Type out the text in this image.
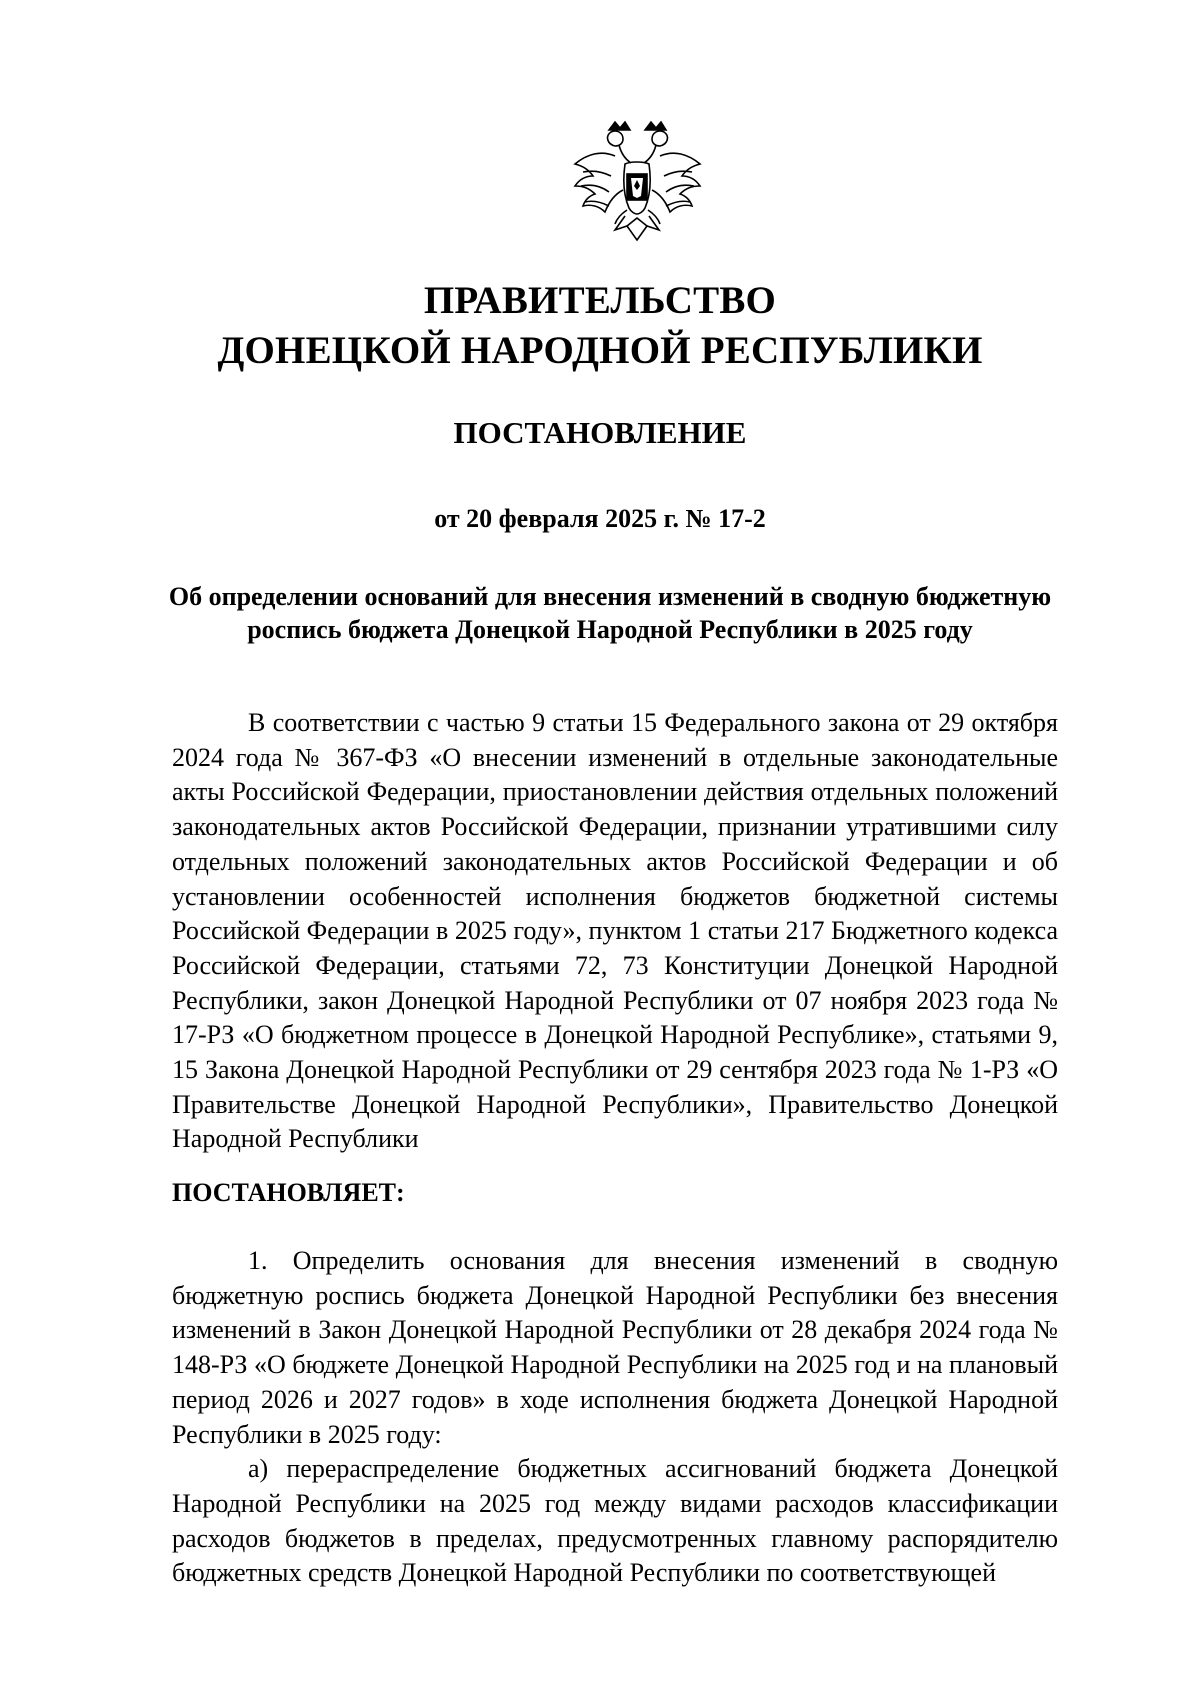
ПРАВИТЕЛЬСТВО
ДОНЕЦКОЙ НАРОДНОЙ РЕСПУБЛИКИ
ПОСТАНОВЛЕНИЕ
от 20 февраля 2025 г. № 17-2
Об определении оснований для внесения изменений в сводную бюджетную
роспись бюджета Донецкой Народной Республики в 2025 году

В соответствии с частью 9 статьи 15 Федерального закона от 29 октября 2024 года № 367-ФЗ «О внесении изменений в отдельные законодательные акты Российской Федерации, приостановлении действия отдельных положений законодательных актов Российской Федерации, признании утратившими силу отдельных положений законодательных актов Российской Федерации и об установлении особенностей исполнения бюджетов бюджетной системы Российской Федерации в 2025 году», пунктом 1 статьи 217 Бюджетного кодекса Российской Федерации, статьями 72, 73 Конституции Донецкой Народной Республики, закон Донецкой Народной Республики от 07 ноября 2023 года № 17-РЗ «О бюджетном процессе в Донецкой Народной Республике», статьями 9, 15 Закона Донецкой Народной Республики от 29 сентября 2023 года № 1-РЗ «О Правительстве Донецкой Народной Республики», Правительство Донецкой Народной Республики

ПОСТАНОВЛЯЕТ:

1. Определить основания для внесения изменений в сводную бюджетную роспись бюджета Донецкой Народной Республики без внесения изменений в Закон Донецкой Народной Республики от 28 декабря 2024 года № 148-РЗ «О бюджете Донецкой Народной Республики на 2025 год и на плановый период 2026 и 2027 годов» в ходе исполнения бюджета Донецкой Народной Республики в 2025 году:

а) перераспределение бюджетных ассигнований бюджета Донецкой Народной Республики на 2025 год между видами расходов классификации расходов бюджетов в пределах, предусмотренных главному распорядителю бюджетных средств Донецкой Народной Республики по соответствующей
